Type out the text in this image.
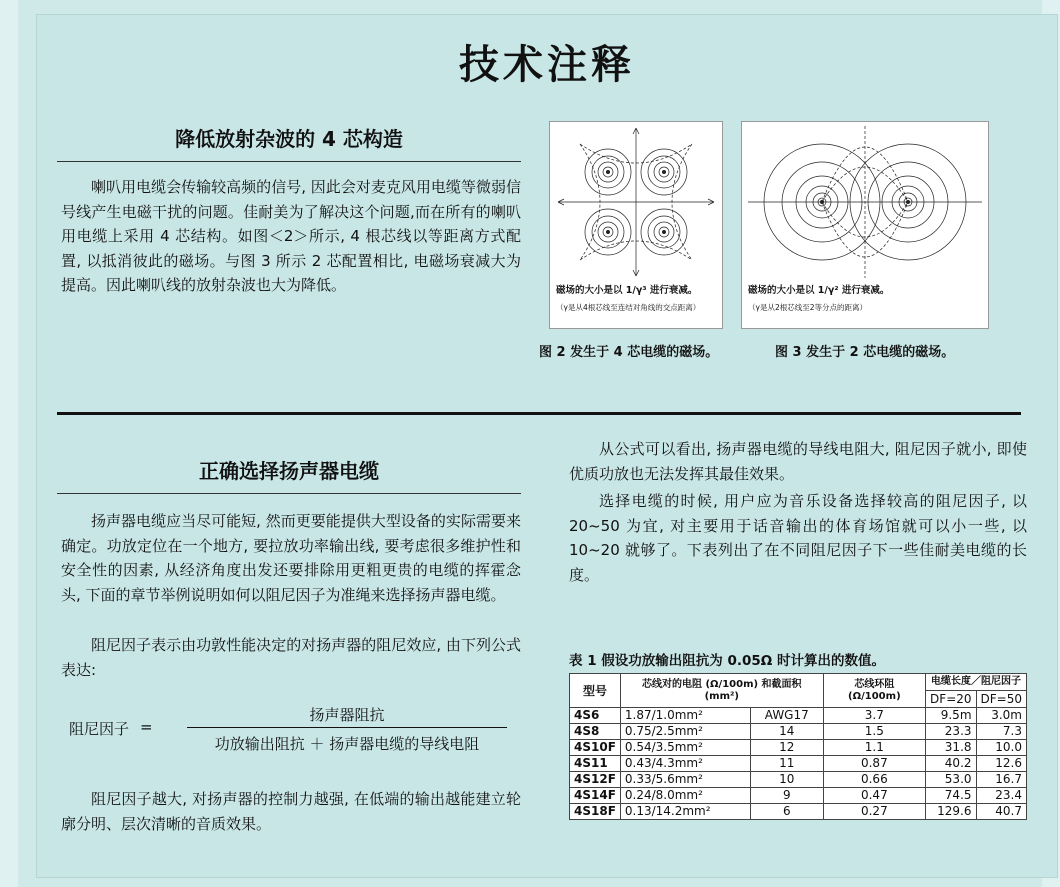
技术注释
降低放射杂波的 4 芯构造

喇叭用电缆会传输较高频的信号, 因此会对麦克风用电缆等微弱信号线产生电磁干扰的问题。佳耐美为了解决这个问题,而在所有的喇叭用电缆上采用 4 芯结构。如图＜2＞所示, 4 根芯线以等距离方式配置, 以抵消彼此的磁场。与图 3 所示 2 芯配置相比, 电磁场衰减大为提高。因此喇叭线的放射杂波也大为降低。	磁场的大小是以 1/γ³ 进行衰减。
（γ是从4根芯线至连结对角线的交点距离）
图 2 发生于 4 芯电缆的磁场。
磁场的大小是以 1/γ² 进行衰减。
（γ是从2根芯线至2等分点的距离）
图 3 发生于 2 芯电缆的磁场。
正确选择扬声器电缆

扬声器电缆应当尽可能短, 然而更要能提供大型设备的实际需要来确定。功放定位在一个地方, 要拉放功率输出线, 要考虑很多维护性和安全性的因素, 从经济角度出发还要排除用更粗更贵的电缆的挥霍念头, 下面的章节举例说明如何以阻尼因子为准绳来选择扬声器电缆。

阻尼因子表示由功敦性能决定的对扬声器的阻尼效应, 由下列公式表达:

阻尼因子 =
扬声器阻抗
功放输出阻抗 ＋ 扬声器电缆的导线电阻

阻尼因子越大, 对扬声器的控制力越强, 在低端的输出越能建立轮廓分明、层次清晰的音质效果。

从公式可以看出, 扬声器电缆的导线电阻大, 阻尼因子就小, 即使优质功放也无法发挥其最佳效果。

选择电缆的时候, 用户应为音乐设备选择较高的阻尼因子, 以 20~50 为宜, 对主要用于话音输出的体育场馆就可以小一些, 以 10~20 就够了。下表列出了在不同阻尼因子下一些佳耐美电缆的长度。

表 1 假设功放输出阻抗为 0.05Ω 时计算出的数值。
型号	芯线对的电阻 (Ω/100m) 和截面积 (mm²)		芯线环阻 (Ω/100m)	电缆长度／阻尼因子	
				DF=20	DF=50
4S6	1.87/1.0mm²	AWG17	3.7	9.5m	3.0m
4S8	0.75/2.5mm²	14	1.5	23.3	7.3
4S10F	0.54/3.5mm²	12	1.1	31.8	10.0
4S11	0.43/4.3mm²	11	0.87	40.2	12.6
4S12F	0.33/5.6mm²	10	0.66	53.0	16.7
4S14F	0.24/8.0mm²	9	0.47	74.5	23.4
4S18F	0.13/14.2mm²	6	0.27	129.6	40.7
